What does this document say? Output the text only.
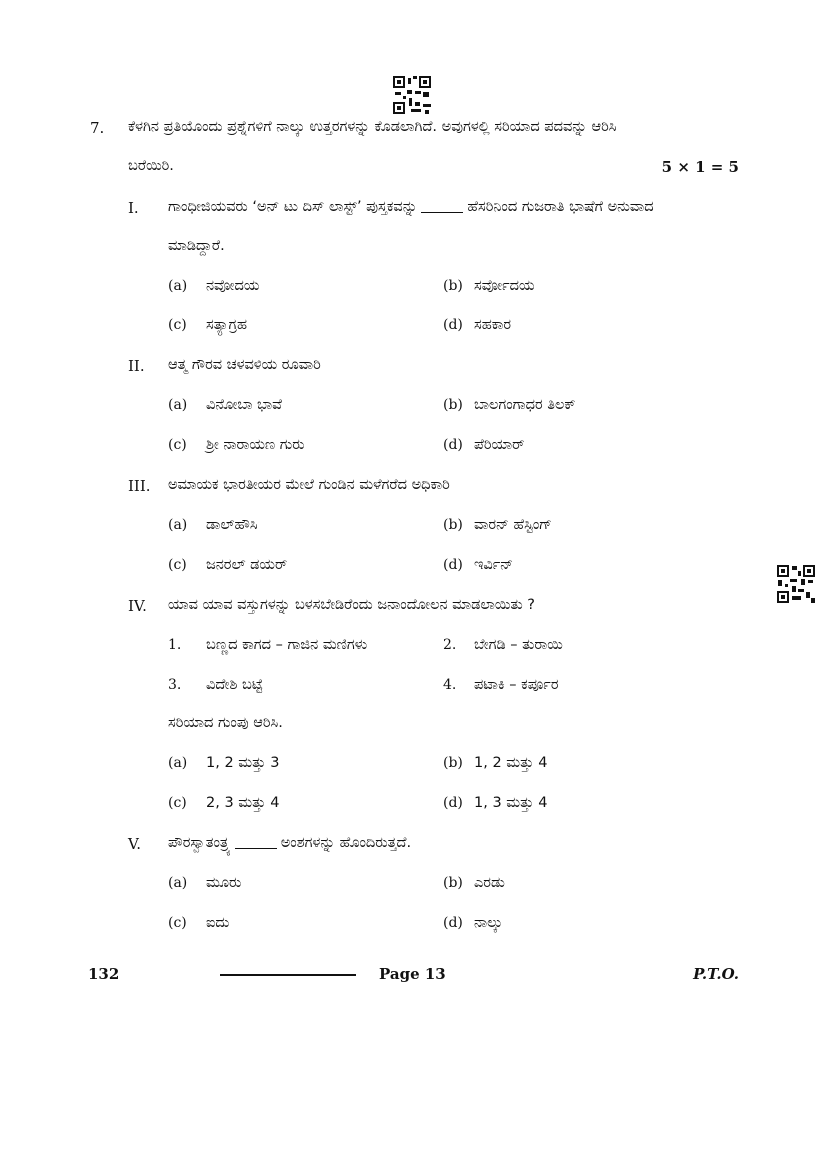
7. ಕೆಳಗಿನ ಪ್ರತಿಯೊಂದು ಪ್ರಶ್ನೆಗಳಿಗೆ ನಾಲ್ಕು ಉತ್ತರಗಳನ್ನು ಕೊಡಲಾಗಿದೆ. ಅವುಗಳಲ್ಲಿ ಸರಿಯಾದ ಪದವನ್ನು ಆರಿಸಿ
ಬರೆಯಿರಿ.	5 × 1 = 5
I. ಗಾಂಧೀಜಿಯವರು ‘ಅನ್ ಟು ದಿಸ್ ಲಾಸ್ಟ್’ ಪುಸ್ತಕವನ್ನು	ಹೆಸರಿನಿಂದ ಗುಜರಾತಿ ಭಾಷೆಗೆ ಅನುವಾದ
ಮಾಡಿದ್ದಾರೆ.
(a) ನವೋದಯ	(b) ಸರ್ವೋದಯ
(c) ಸತ್ಯಾಗ್ರಹ	(d) ಸಹಕಾರ
II. ಆತ್ಮ ಗೌರವ ಚಳವಳಿಯ ರೂವಾರಿ
(a) ವಿನೋಬಾ ಭಾವೆ	(b) ಬಾಲಗಂಗಾಧರ ತಿಲಕ್
(c) ಶ್ರೀ ನಾರಾಯಣ ಗುರು	(d) ಪೆರಿಯಾರ್
III. ಅಮಾಯಕ ಭಾರತೀಯರ ಮೇಲೆ ಗುಂಡಿನ ಮಳೆಗರೆದ ಅಧಿಕಾರಿ
(a) ಡಾಲ್‌ಹೌಸಿ	(b) ವಾರನ್ ಹೆಸ್ಟಿಂಗ್
(c) ಜನರಲ್ ಡಯರ್	(d) ಇರ್ವಿನ್
IV. ಯಾವ ಯಾವ ವಸ್ತುಗಳನ್ನು ಬಳಸಬೇಡಿರೆಂದು ಜನಾಂದೋಲನ ಮಾಡಲಾಯಿತು ?
1. ಬಣ್ಣದ ಕಾಗದ – ಗಾಜಿನ ಮಣಿಗಳು	2. ಬೇಗಡಿ – ತುರಾಯಿ
3. ವಿದೇಶಿ ಬಟ್ಟೆ	4. ಪಟಾಕಿ – ಕರ್ಪೂರ
ಸರಿಯಾದ ಗುಂಪು ಆರಿಸಿ.
(a) 1, 2 ಮತ್ತು 3	(b) 1, 2 ಮತ್ತು 4
(c) 2, 3 ಮತ್ತು 4	(d) 1, 3 ಮತ್ತು 4
V. ಪೌರಸ್ವಾತಂತ್ರ್ಯ	ಅಂಶಗಳನ್ನು ಹೊಂದಿರುತ್ತದೆ.
(a) ಮೂರು	(b) ಎರಡು
(c) ಐದು	(d) ನಾಲ್ಕು
132	Page 13	P.T.O.
